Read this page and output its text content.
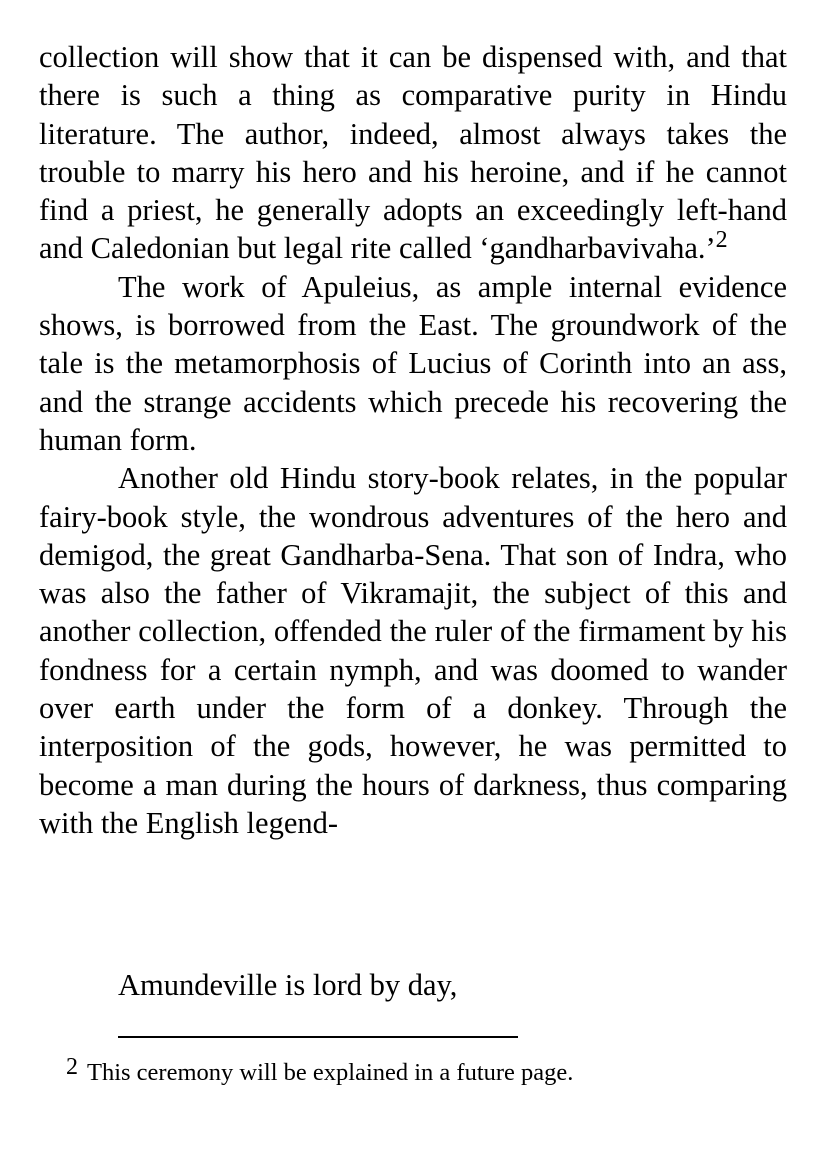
collection will show that it can be dispensed with, and that there is such a thing as comparative purity in Hindu literature. The author, indeed, almost always takes the trouble to marry his hero and his heroine, and if he cannot find a priest, he generally adopts an exceedingly left-hand and Caledonian but legal rite called ‘gandharbavivaha.’$^2$

The work of Apuleius, as ample internal evidence shows, is borrowed from the East. The groundwork of the tale is the metamorphosis of Lucius of Corinth into an ass, and the strange accidents which precede his recovering the human form.

Another old Hindu story-book relates, in the popular fairy-book style, the wondrous adventures of the hero and demigod, the great Gandharba-Sena. That son of Indra, who was also the father of Vikramajit, the subject of this and another collection, offended the ruler of the firmament by his fondness for a certain nymph, and was doomed to wander over earth under the form of a donkey. Through the interposition of the gods, however, he was permitted to become a man during the hours of darkness, thus comparing with the English legend-

Amundeville is lord by day,

2 This ceremony will be explained in a future page.
